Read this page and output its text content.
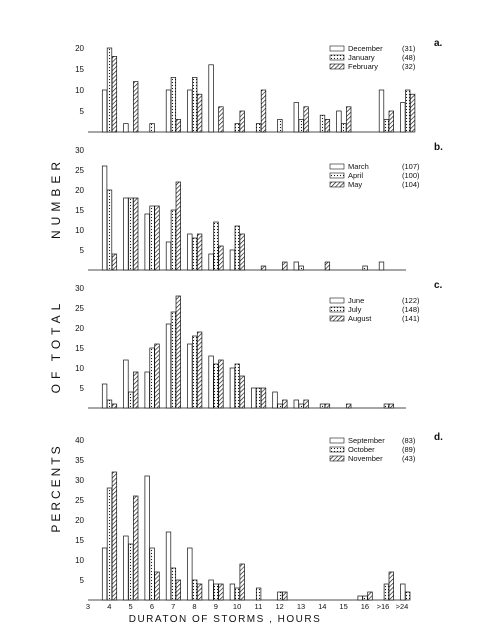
5
10
15
20	a.
December	(31)
January	(48)
February	(32)
5
10
15
20
25
30	b.
March	(107)
April	(100)
May	(104)
5
10
15
20
25
30	c.
June	(122)
July	(148)
August	(141)
5
10
15
20
25
30
35
40	d.
September (83)
October	(89)
November	(43)
NUMBER
TOTAL
OF
PERCENTS
3 4 5 6 7 8 9 10 11 12 13 14 15 16 >16 >24
DURATON OF STORMS , HOURS
